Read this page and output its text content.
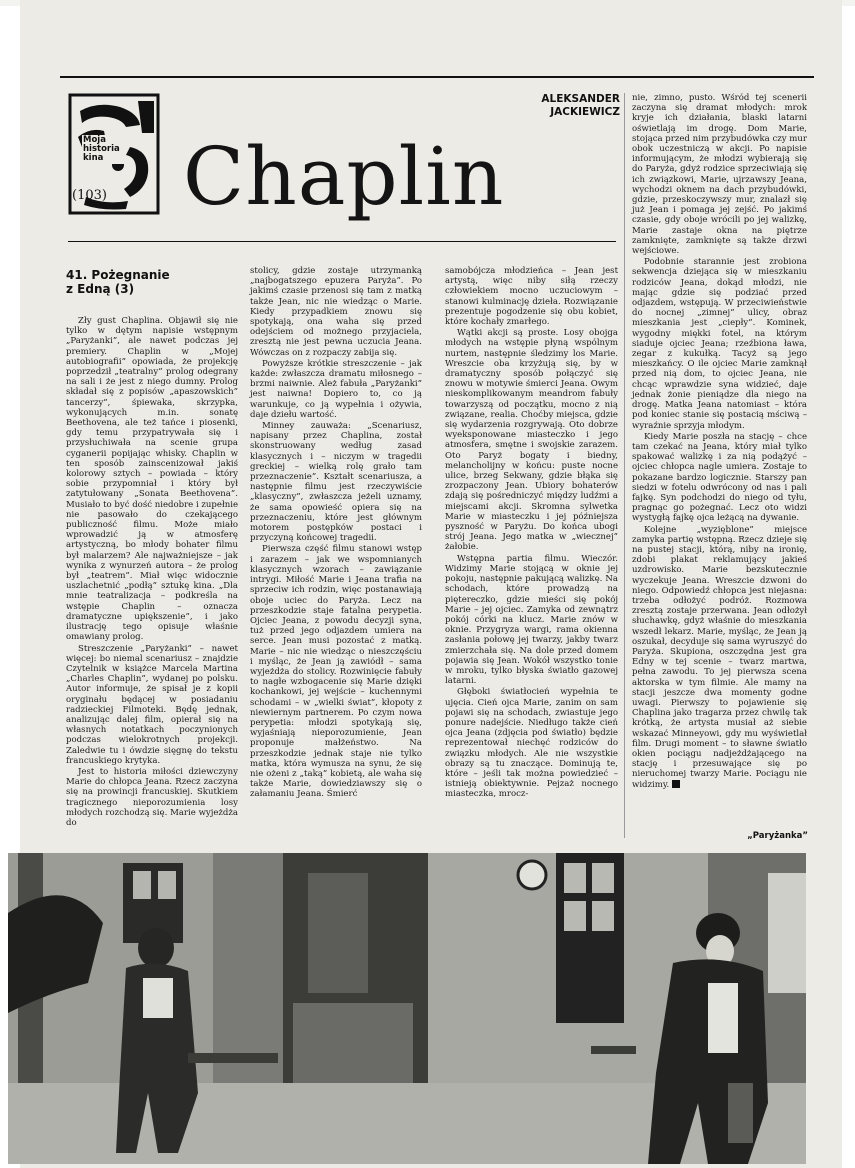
Moja
historia
kina
(103) Chaplin
ALEKSANDER
JACKIEWICZ
41. Pożegnanie
z Edną (3)

Zły gust Chaplina. Objawił się nie tylko w dętym napisie wstępnym „Paryżanki”, ale nawet podczas jej premiery. Chaplin w „Mojej autobiografii” opowiada, że projekcję poprzedził „teatralny” prolog odegrany na sali i że jest z niego dumny. Prolog składał się z popisów „apaszowskich” tancerzy”, śpiewaka, skrzypka, wykonujących m.in. sonatę Beethovena, ale też tańce i piosenki, gdy temu przypatrywała się i przysłuchiwała na scenie grupa cyganerii popijając whisky. Chaplin w ten sposób zainscenizował jakiś kolorowy sztych – powiada – który sobie przypomniał i który był zatytułowany „Sonata Beethovena”. Musiało to być dość niedobre i zupełnie nie pasowało do czekającego publiczność filmu. Może miało wprowadzić ją w atmosferę artystyczną, bo młody bohater filmu był malarzem? Ale najważniejsze – jak wynika z wynurzeń autora – że prolog był „teatrem”. Miał więc widocznie uszlachetnić „podłą” sztukę kina. „Dla mnie teatralizacja – podkreśla na wstępie Chaplin – oznacza dramatyczne upiększenie”, i jako ilustrację tego opisuje właśnie omawiany prolog.

Streszczenie „Paryżanki” – nawet więcej: bo niemal scenariusz – znajdzie Czytelnik w książce Marcela Martina „Charles Chaplin”, wydanej po polsku. Autor informuje, że spisał je z kopii oryginału będącej w posiadaniu radzieckiej Filmoteki. Będę jednak, analizując dalej film, opierał się na własnych notatkach poczynionych podczas wielokrotnych projekcji. Zaledwie tu i ówdzie sięgnę do tekstu francuskiego krytyka.

Jest to historia miłości dziewczyny Marie do chłopca Jeana. Rzecz zaczyna się na prowincji francuskiej. Skutkiem tragicznego nieporozumienia losy młodych rozchodzą się. Marie wyjeżdża do

stolicy, gdzie zostaje utrzymanką „najbogatszego epuzera Paryża”. Po jakimś czasie przenosi się tam z matką także Jean, nic nie wiedząc o Marie. Kiedy przypadkiem znowu się spotykają, ona waha się przed odejściem od możnego przyjaciela, zresztą nie jest pewna uczucia Jeana. Wówczas on z rozpaczy zabija się.

Powyższe krótkie streszczenie – jak każde: zwłaszcza dramatu miłosnego – brzmi naiwnie. Ależ fabuła „Paryżanki” jest naiwna! Dopiero to, co ją warunkuje, co ją wypełnia i ożywia, daje dziełu wartość.

Minney zauważa: „Scenariusz, napisany przez Chaplina, został skonstruowany według zasad klasycznych i – niczym w tragedii greckiej – wielką rolę grało tam przeznaczenie”. Kształt scenariusza, a następnie filmu jest rzeczywiście „klasyczny”, zwłaszcza jeżeli uznamy, że sama opowieść opiera się na przeznaczeniu, które jest głównym motorem postępków postaci i przyczyną końcowej tragedii.

Pierwsza część filmu stanowi wstęp i zarazem – jak we wspomnianych klasycznych wzorach – zawiązanie intrygi. Miłość Marie i Jeana trafia na sprzeciw ich rodzin, więc postanawiają oboje uciec do Paryża. Lecz na przeszkodzie staje fatalna perypetia. Ojciec Jeana, z powodu decyzji syna, tuż przed jego odjazdem umiera na serce. Jean musi pozostać z matką. Marie – nic nie wiedząc o nieszczęściu i myśląc, że Jean ją zawiódł – sama wyjeżdża do stolicy. Rozwinięcie fabuły to nagłe wzbogacenie się Marie dzięki kochankowi, jej wejście – kuchennymi schodami – w „wielki świat”, kłopoty z niewiernym partnerem. Po czym nowa perypetia: młodzi spotykają się, wyjaśniają nieporozumienie, Jean proponuje małżeństwo. Na przeszkodzie jednak staje nie tylko matka, która wymusza na synu, że się nie ożeni z „taką” kobietą, ale waha się także Marie, dowiedziawszy się o załamaniu Jeana. Śmierć

samobójcza młodzieńca – Jean jest artystą, więc niby siłą rzeczy człowiekiem mocno uczuciowym – stanowi kulminację dzieła. Rozwiązanie prezentuje pogodzenie się obu kobiet, które kochały zmarłego.

Wątki akcji są proste. Losy obojga młodych na wstępie płyną wspólnym nurtem, następnie śledzimy los Marie. Wreszcie oba krzyżują się, by w dramatyczny sposób połączyć się znowu w motywie śmierci Jeana. Owym nieskomplikowanym meandrom fabuły towarzyszą od początku, mocno z nią związane, realia. Choćby miejsca, gdzie się wydarzenia rozgrywają. Oto dobrze wyeksponowane miasteczko i jego atmosfera, smętne i swojskie zarazem. Oto Paryż bogaty i biedny, melancholijny w końcu: puste nocne ulice, brzeg Sekwany, gdzie błąka się zrozpaczony Jean. Ubiory bohaterów zdają się pośredniczyć między ludźmi a miejscami akcji. Skromna sylwetka Marie w miasteczku i jej późniejsza pyszność w Paryżu. Do końca ubogi strój Jeana. Jego matka w „wiecznej” żałobie.

Wstępna partia filmu. Wieczór. Widzimy Marie stojącą w oknie jej pokoju, następnie pakującą walizkę. Na schodach, które prowadzą na piętereczko, gdzie mieści się pokój Marie – jej ojciec. Zamyka od zewnątrz pokój córki na klucz. Marie znów w oknie. Przygryza wargi, rama okienna zasłania połowę jej twarzy, jakby twarz zmierzchała się. Na dole przed domem pojawia się Jean. Wokół wszystko tonie w mroku, tylko błyska światło gazowej latarni.

Głęboki światłocień wypełnia te ujęcia. Cień ojca Marie, zanim on sam pojawi się na schodach, zwiastuje jego ponure nadejście. Niedługo także cień ojca Jeana (zdjęcia pod światło) będzie reprezentował niechęć rodziców do związku młodych. Ale nie wszystkie obrazy są tu znaczące. Dominują te, które – jeśli tak można powiedzieć – istnieją obiektywnie. Pejzaż nocnego miasteczka, mrocz-

nie, zimno, pusto. Wśród tej scenerii zaczyna się dramat młodych: mrok kryje ich działania, blaski latarni oświetlają im drogę. Dom Marie, stojąca przed nim przybudówka czy mur obok uczestniczą w akcji. Po napisie informującym, że młodzi wybierają się do Paryża, gdyż rodzice sprzeciwiają się ich związkowi, Marie, ujrzawszy Jeana, wychodzi oknem na dach przybudówki, gdzie, przeskoczywszy mur, znalazł się już Jean i pomaga jej zejść. Po jakimś czasie, gdy oboje wrócili po jej walizkę, Marie zastaje okna na piętrze zamknięte, zamknięte są także drzwi wejściowe.

Podobnie starannie jest zrobiona sekwencja dziejąca się w mieszkaniu rodziców Jeana, dokąd młodzi, nie mając gdzie się podziać przed odjazdem, wstępują. W przeciwieństwie do nocnej „zimnej” ulicy, obraz mieszkania jest „ciepły”. Kominek, wygodny miękki fotel, na którym siaduje ojciec Jeana; rzeźbiona ława, zegar z kukułką. Tacyż są jego mieszkańcy. O ile ojciec Marie zamknął przed nią dom, to ojciec Jeana, nie chcąc wprawdzie syna widzieć, daje jednak żonie pieniądze dla niego na drogę. Matka Jeana natomiast – która pod koniec stanie się postacią mściwą – wyraźnie sprzyja młodym.

Kiedy Marie poszła na stację – chce tam czekać na Jeana, który miał tylko spakować walizkę i za nią podążyć – ojciec chłopca nagle umiera. Zostaje to pokazane bardzo logicznie. Starszy pan siedzi w fotelu odwrócony od nas i pali fajkę. Syn podchodzi do niego od tyłu, pragnąc go pożegnać. Lecz oto widzi wystygłą fajkę ojca leżącą na dywanie.

Kolejne „wyzięblone” miejsce zamyka partię wstępną. Rzecz dzieje się na pustej stacji, którą, niby na ironię, zdobi plakat reklamujący jakieś uzdrowisko. Marie bezskutecznie wyczekuje Jeana. Wreszcie dzwoni do niego. Odpowiedź chłopca jest niejasna: trzeba odłożyć podróż. Rozmowa zresztą zostaje przerwana. Jean odłożył słuchawkę, gdyż właśnie do mieszkania wszedł lekarz. Marie, myśląc, że Jean ją oszukał, decyduje się sama wyruszyć do Paryża. Skupiona, oszczędna jest gra Edny w tej scenie – twarz martwa, pełna zawodu. To jej pierwsza scena aktorska w tym filmie. Ale mamy na stacji jeszcze dwa momenty godne uwagi. Pierwszy to pojawienie się Chaplina jako tragarza przez chwilę tak krótką, że artysta musiał aż siebie wskazać Minneyowi, gdy mu wyświetlał film. Drugi moment – to sławne światło okien pociągu nadjeżdżającego na stację i przesuwające się po nieruchomej twarzy Marie. Pociągu nie widzimy.

„Paryżanka”
